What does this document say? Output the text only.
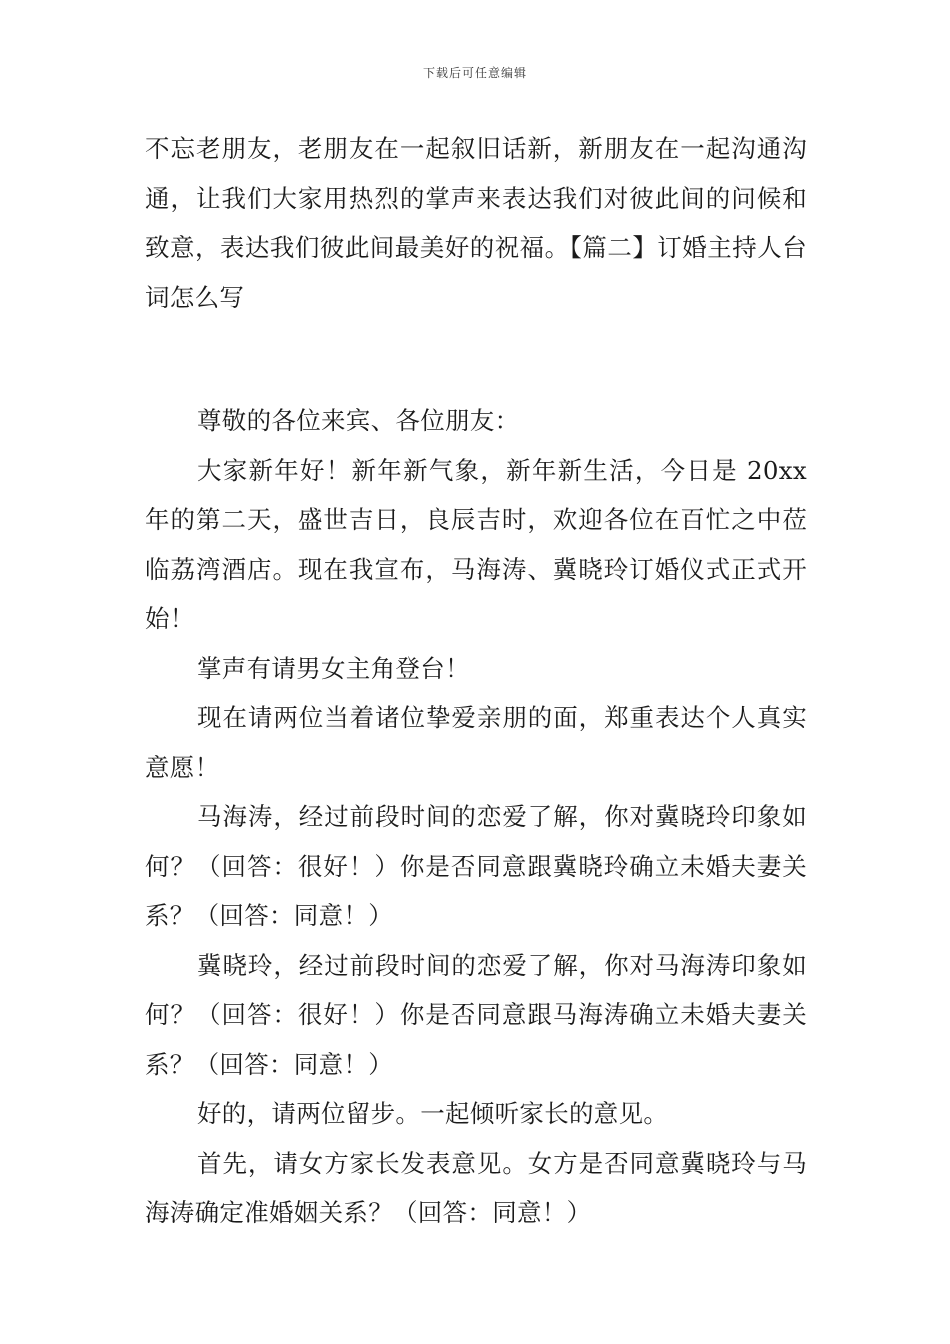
下载后可任意编辑

不忘老朋友，老朋友在一起叙旧话新，新朋友在一起沟通沟通，让我们大家用热烈的掌声来表达我们对彼此间的问候和致意，表达我们彼此间最美好的祝福。【篇二】订婚主持人台词怎么写

尊敬的各位来宾、各位朋友：

大家新年好！新年新气象，新年新生活，今日是 20xx 年的第二天，盛世吉日，良辰吉时，欢迎各位在百忙之中莅临荔湾酒店。现在我宣布，马海涛、冀晓玲订婚仪式正式开始！

掌声有请男女主角登台！

现在请两位当着诸位挚爱亲朋的面，郑重表达个人真实意愿！

马海涛，经过前段时间的恋爱了解，你对冀晓玲印象如何？（回答：很好！）你是否同意跟冀晓玲确立未婚夫妻关系？（回答：同意！）

冀晓玲，经过前段时间的恋爱了解，你对马海涛印象如何？（回答：很好！）你是否同意跟马海涛确立未婚夫妻关系？（回答：同意！）

好的，请两位留步。一起倾听家长的意见。

首先，请女方家长发表意见。女方是否同意冀晓玲与马海涛确定准婚姻关系？（回答：同意！）
